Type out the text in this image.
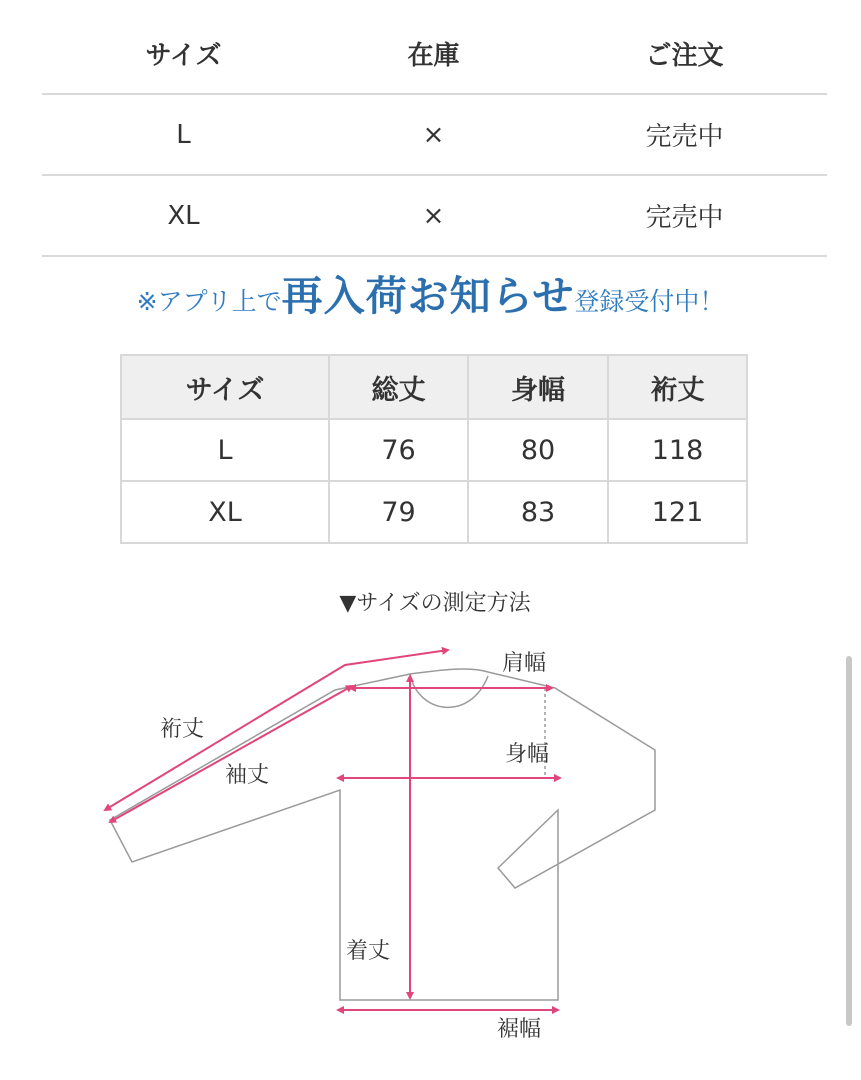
サイズ	在庫	ご注文
L	×	完売中
XL	×	完売中
※アプリ上で再入荷お知らせ登録受付中！
サイズ	総丈	身幅	裄丈
L	76	80	118
XL	79	83	121
▼サイズの測定方法
肩幅
裄丈
袖丈
身幅
着丈
裾幅
